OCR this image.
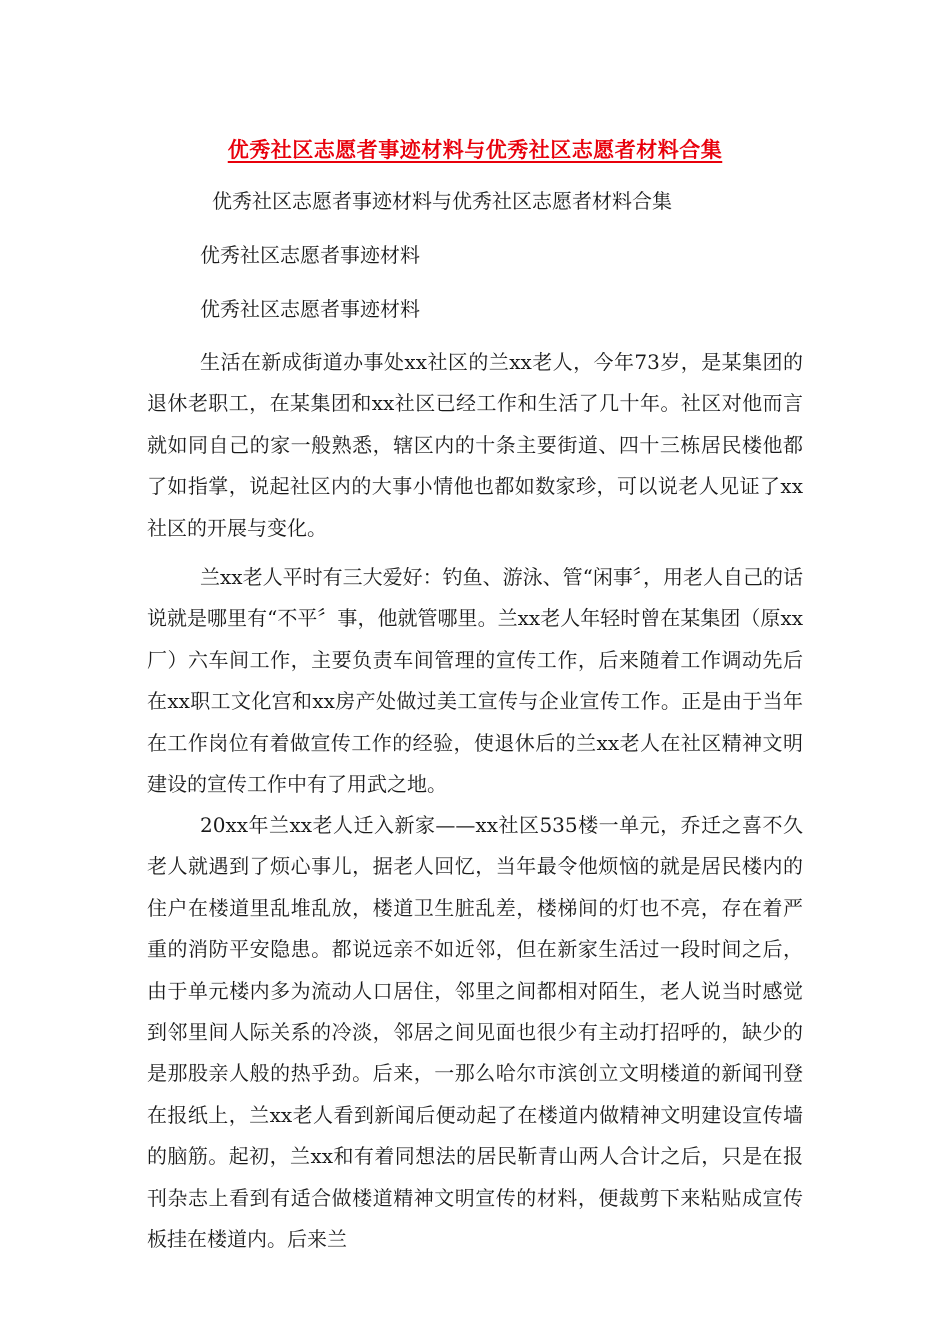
优秀社区志愿者事迹材料与优秀社区志愿者材料合集
优秀社区志愿者事迹材料与优秀社区志愿者材料合集
优秀社区志愿者事迹材料
优秀社区志愿者事迹材料

生活在新成街道办事处xx社区的兰xx老人，今年73岁，是某集团的退休老职工，在某集团和xx社区已经工作和生活了几十年。社区对他而言就如同自己的家一般熟悉，辖区内的十条主要街道、四十三栋居民楼他都了如指掌，说起社区内的大事小情他也都如数家珍，可以说老人见证了xx社区的开展与变化。

兰xx老人平时有三大爱好：钓鱼、游泳、管“闲事〞，用老人自己的话说就是哪里有“不平〞事，他就管哪里。兰xx老人年轻时曾在某集团（原xx厂）六车间工作，主要负责车间管理的宣传工作，后来随着工作调动先后在xx职工文化宫和xx房产处做过美工宣传与企业宣传工作。正是由于当年在工作岗位有着做宣传工作的经验，使退休后的兰xx老人在社区精神文明建设的宣传工作中有了用武之地。

20xx年兰xx老人迁入新家——xx社区535楼一单元，乔迁之喜不久老人就遇到了烦心事儿，据老人回忆，当年最令他烦恼的就是居民楼内的住户在楼道里乱堆乱放，楼道卫生脏乱差，楼梯间的灯也不亮，存在着严重的消防平安隐患。都说远亲不如近邻，但在新家生活过一段时间之后，由于单元楼内多为流动人口居住，邻里之间都相对陌生，老人说当时感觉到邻里间人际关系的冷淡，邻居之间见面也很少有主动打招呼的，缺少的是那股亲人般的热乎劲。后来，一那么哈尔市滨创立文明楼道的新闻刊登在报纸上，兰xx老人看到新闻后便动起了在楼道内做精神文明建设宣传墙的脑筋。起初，兰xx和有着同想法的居民靳青山两人合计之后，只是在报刊杂志上看到有适合做楼道精神文明宣传的材料，便裁剪下来粘贴成宣传板挂在楼道内。后来兰
